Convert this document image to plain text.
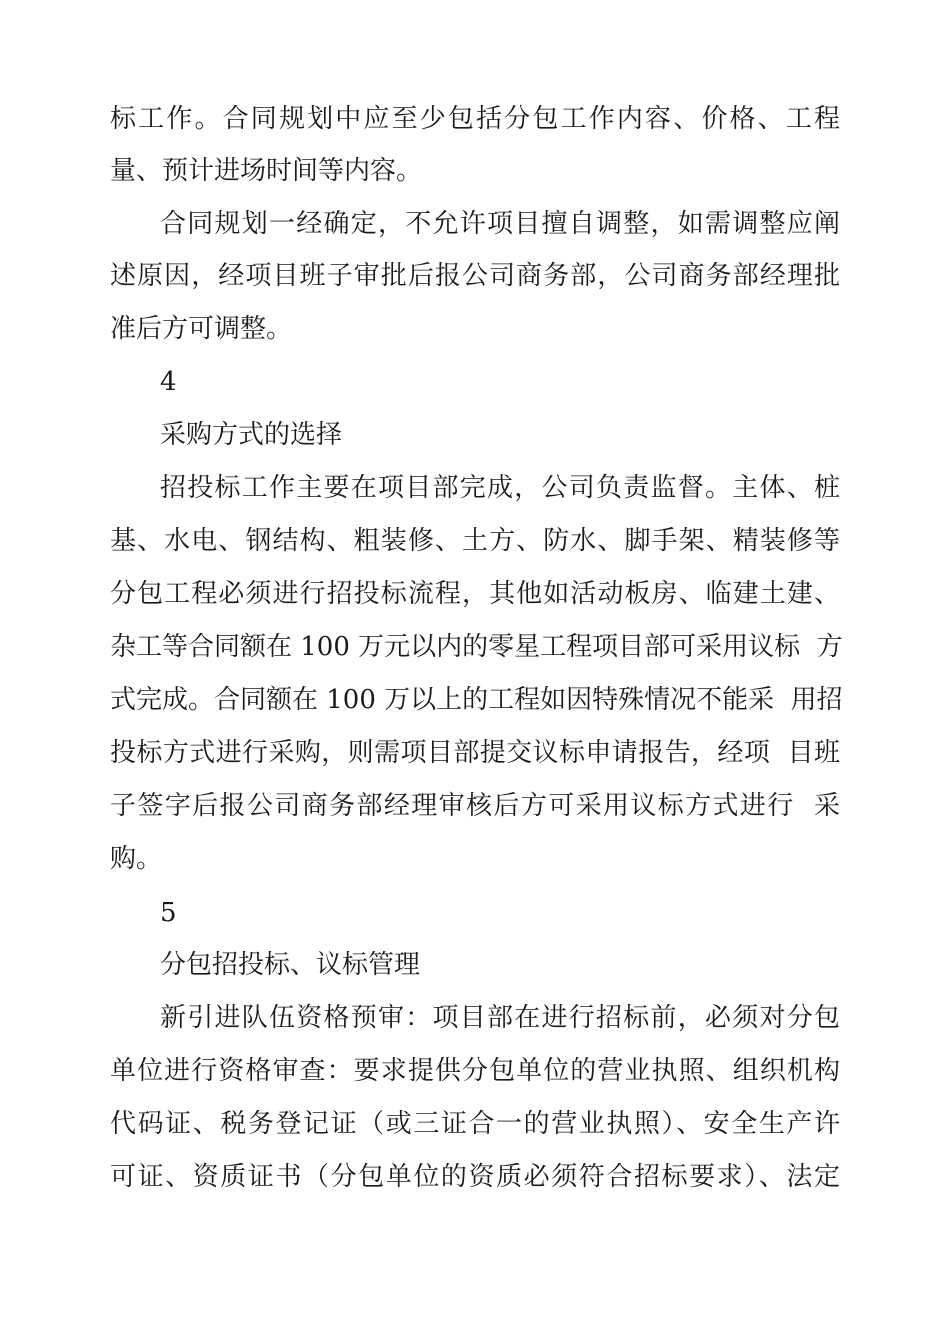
标工作。合同规划中应至少包括分包工作内容、价格、工程
量、预计进场时间等内容。
合同规划一经确定，不允许项目擅自调整，如需调整应阐
述原因，经项目班子审批后报公司商务部，公司商务部经理批
准后方可调整。
4
采购方式的选择
招投标工作主要在项目部完成，公司负责监督。主体、桩
基、水电、钢结构、粗装修、土方、防水、脚手架、精装修等
分包工程必须进行招投标流程，其他如活动板房、临建土建、
杂工等合同额在 100 万元以内的零星工程项目部可采用议标  方
式完成。合同额在 100 万以上的工程如因特殊情况不能采  用招
投标方式进行采购，则需项目部提交议标申请报告，经项  目班
子签字后报公司商务部经理审核后方可采用议标方式进行  采
购。
5
分包招投标、议标管理
新引进队伍资格预审：项目部在进行招标前，必须对分包
单位进行资格审查：要求提供分包单位的营业执照、组织机构
代码证、税务登记证（或三证合一的营业执照）、安全生产许
可证、资质证书（分包单位的资质必须符合招标要求）、法定
